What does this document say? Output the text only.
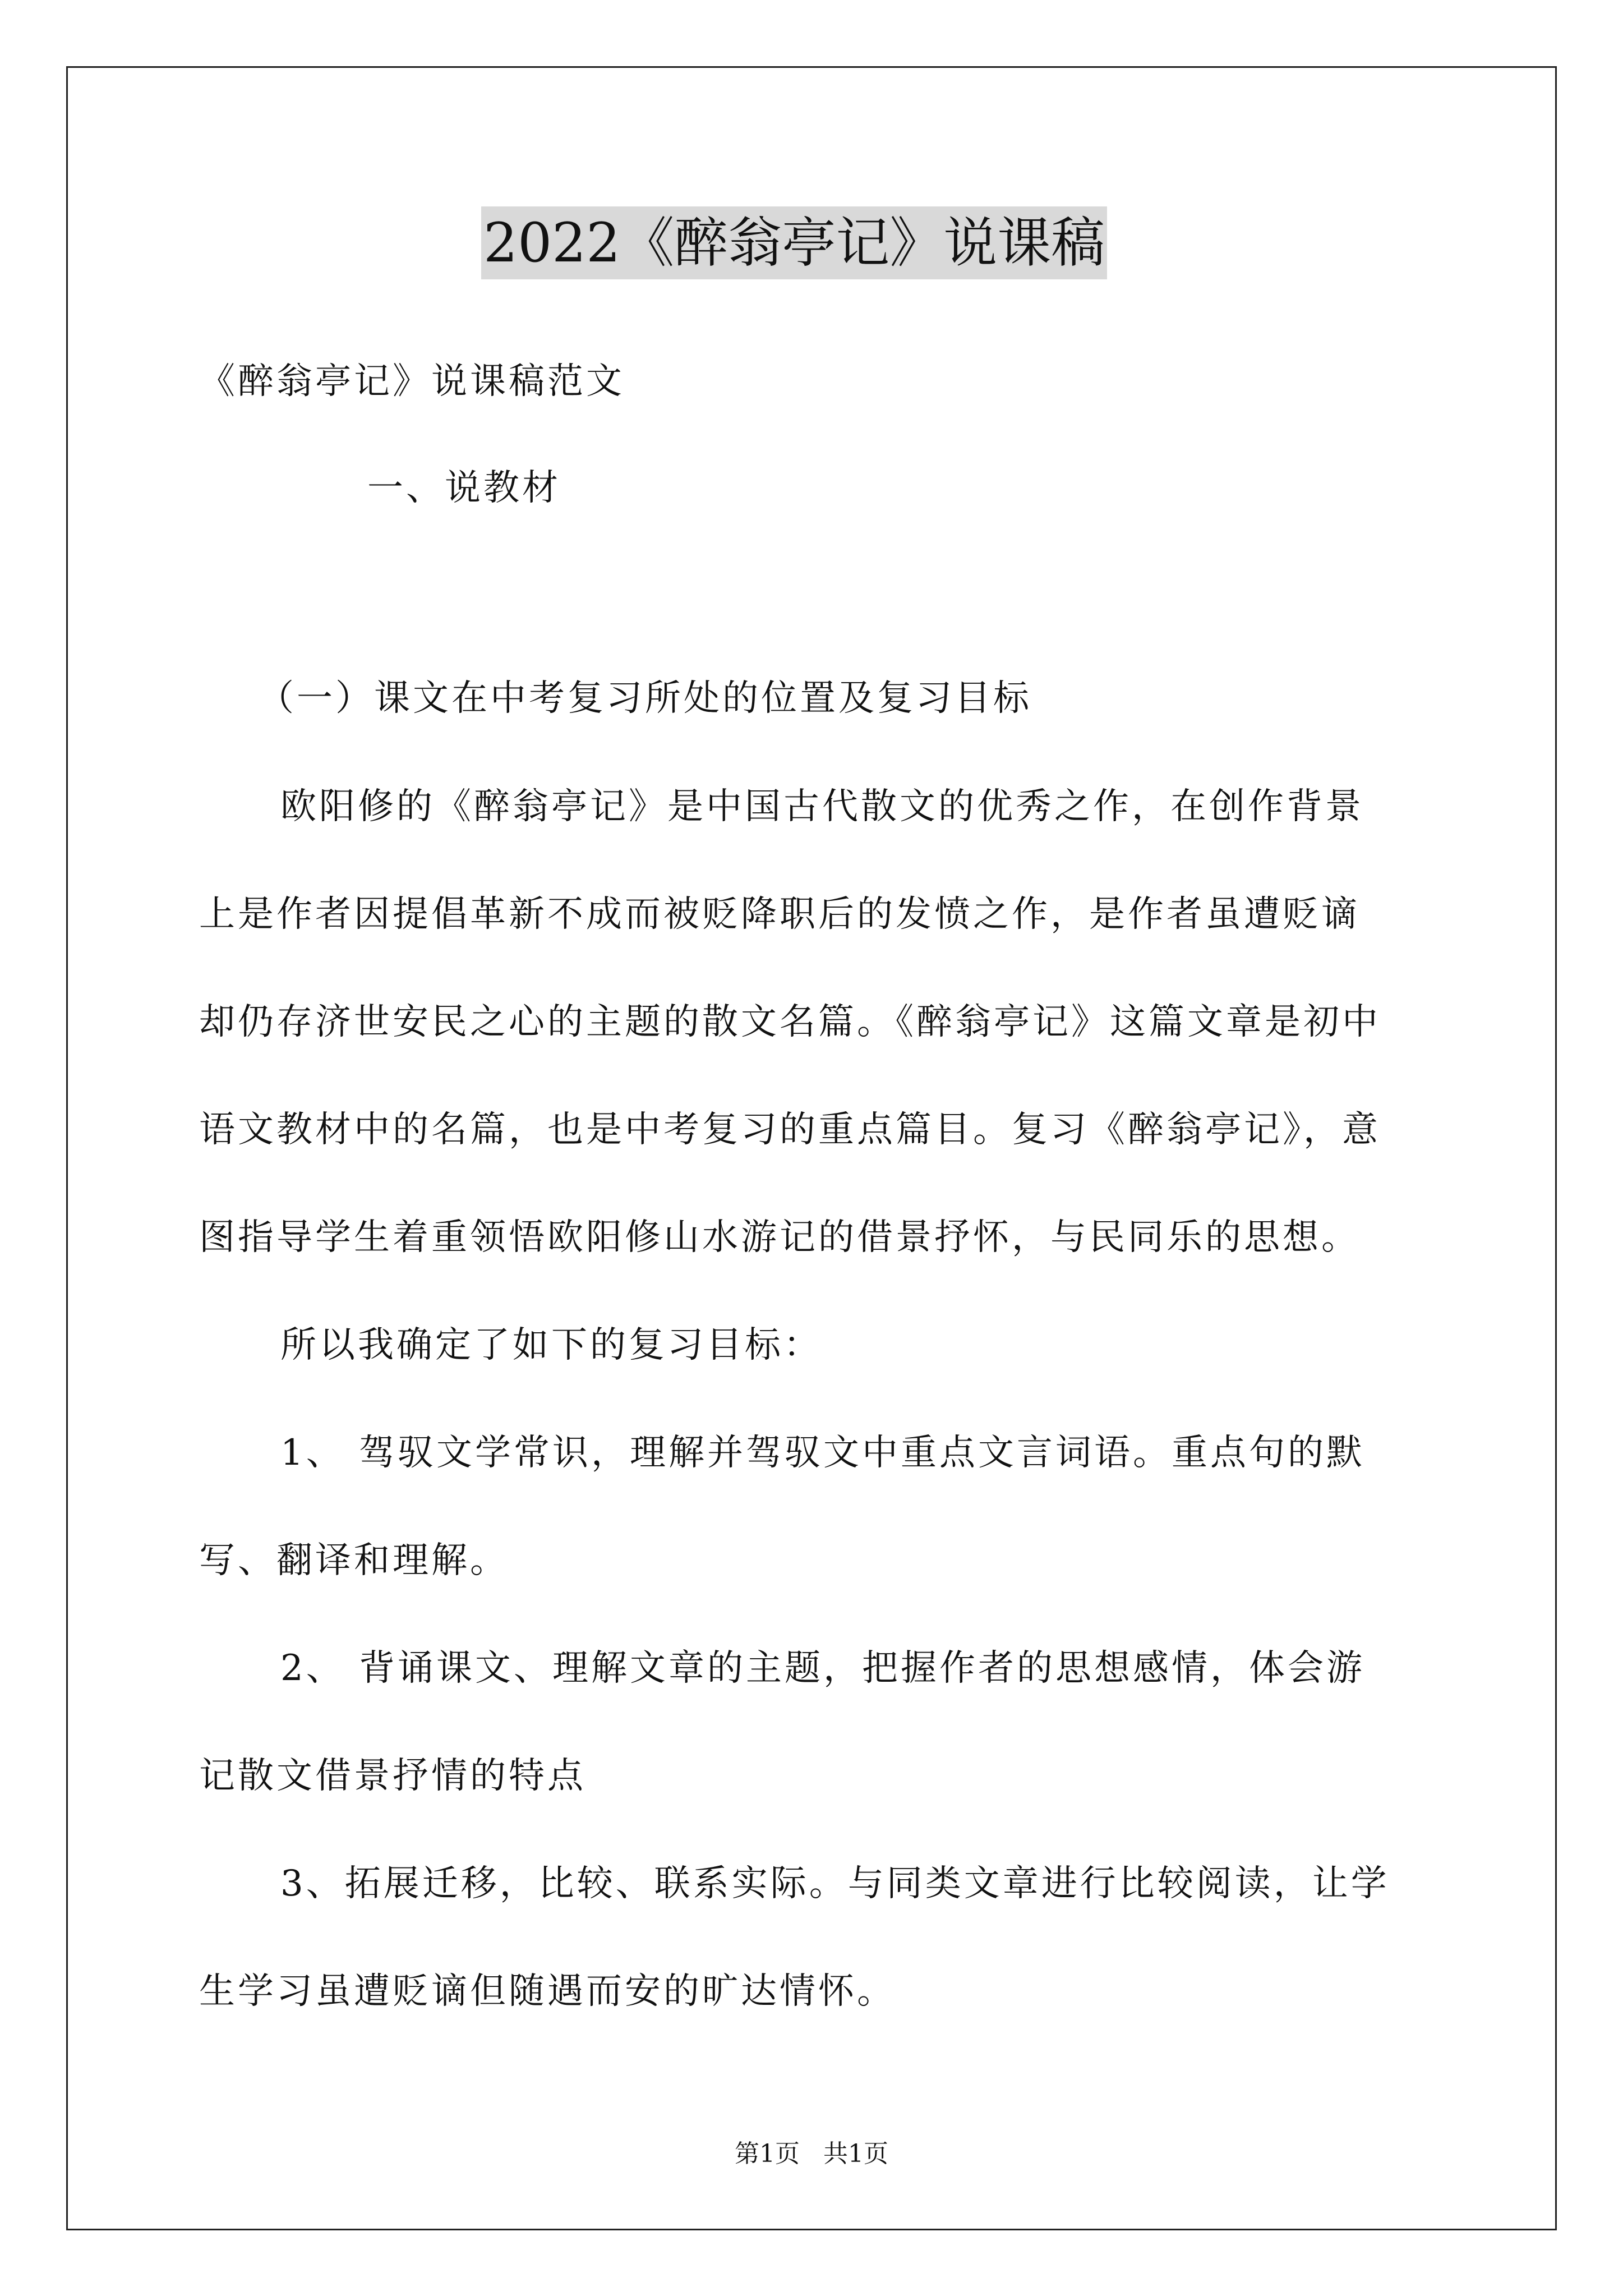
2022《醉翁亭记》说课稿
《醉翁亭记》说课稿范文
一、说教材
（一）课文在中考复习所处的位置及复习目标
欧阳修的《醉翁亭记》是中国古代散文的优秀之作，在创作背景
上是作者因提倡革新不成而被贬降职后的发愤之作，是作者虽遭贬谪
却仍存济世安民之心的主题的散文名篇。《醉翁亭记》这篇文章是初中
语文教材中的名篇，也是中考复习的重点篇目。复习《醉翁亭记》，意
图指导学生着重领悟欧阳修山水游记的借景抒怀，与民同乐的思想。
所以我确定了如下的复习目标：
1、 驾驭文学常识，理解并驾驭文中重点文言词语。重点句的默
写、翻译和理解。
2、 背诵课文、理解文章的主题，把握作者的思想感情，体会游
记散文借景抒情的特点
3、拓展迁移，比较、联系实际。与同类文章进行比较阅读，让学
生学习虽遭贬谪但随遇而安的旷达情怀。
第1页   共1页
